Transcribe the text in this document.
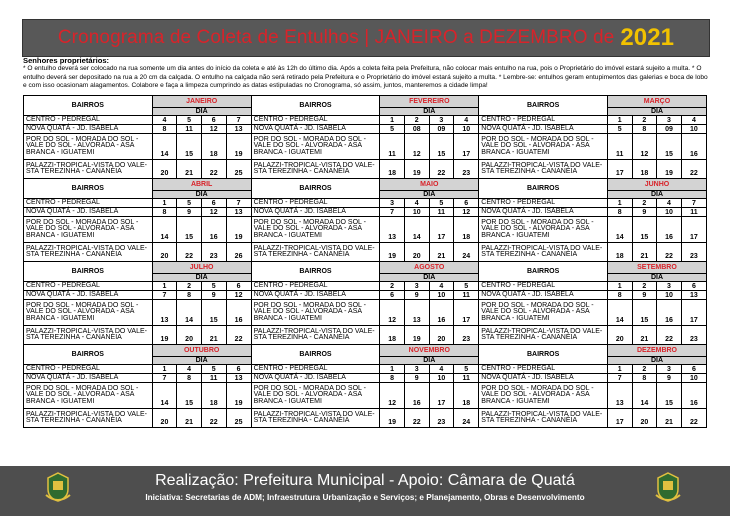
Cronograma de Coleta de Entulhos | JANEIRO a DEZEMBRO de 2021
Senhores proprietários:
* O entulho deverá ser colocado na rua somente um dia antes do início da coleta e até às 12h do último dia. Após a coleta feita pela Prefeitura, não colocar mais entulho na rua, pois o Proprietário do imóvel estará sujeito a multa. * O entulho deverá ser depositado na rua a 20 cm da calçada. O entulho na calçada não será retirado pela Prefeitura e o Proprietário do imóvel estará sujeito a multa. * Lembre-se: entulhos geram entupimentos das galerias e boca de lobo e com isso ocasionam alagamentos. Colabore e faça a limpeza cumprindo as datas estipuladas no Cronograma, só assim, juntos, manteremos a cidade limpa!
BAIRROS	JANEIRO				BAIRROS	FEVEREIRO				BAIRROS	MARÇO			
	DIA					DIA					DIA			
CENTRO - PEDREGAL	4	5	6	7	CENTRO - PEDREGAL	1	2	3	4	CENTRO - PEDREGAL	1	2	3	4
NOVA QUATÁ - JD. ISABELA	8	11	12	13	NOVA QUATÁ - JD. ISABELA	5	08	09	10	NOVA QUATÁ - JD. ISABELA	5	8	09	10
POR DO SOL - MORADA DO SOL - VALE DO SOL - ALVORADA - ASA BRANCA - IGUATEMI	14	15	18	19	POR DO SOL - MORADA DO SOL - VALE DO SOL - ALVORADA - ASA BRANCA - IGUATEMI	11	12	15	17	POR DO SOL - MORADA DO SOL - VALE DO SOL - ALVORADA - ASA BRANCA - IGUATEMI	11	12	15	16
PALAZZI-TROPICAL-VISTA DO VALE- STA TEREZINHA - CANANÉIA	20	21	22	25	PALAZZI-TROPICAL-VISTA DO VALE- STA TEREZINHA - CANANÉIA	18	19	22	23	PALAZZI-TROPICAL-VISTA DO VALE- STA TEREZINHA - CANANÉIA	17	18	19	22
BAIRROS	ABRIL				BAIRROS	MAIO				BAIRROS	JUNHO			
	DIA					DIA					DIA			
CENTRO - PEDREGAL	1	5	6	7	CENTRO - PEDREGAL	3	4	5	6	CENTRO - PEDREGAL	1	2	4	7
NOVA QUATÁ - JD. ISABELA	8	9	12	13	NOVA QUATÁ - JD. ISABELA	7	10	11	12	NOVA QUATÁ - JD. ISABELA	8	9	10	11
POR DO SOL - MORADA DO SOL - VALE DO SOL - ALVORADA - ASA BRANCA - IGUATEMI	14	15	16	19	POR DO SOL - MORADA DO SOL - VALE DO SOL - ALVORADA - ASA BRANCA - IGUATEMI	13	14	17	18	POR DO SOL - MORADA DO SOL - VALE DO SOL - ALVORADA - ASA BRANCA - IGUATEMI	14	15	16	17
PALAZZI-TROPICAL-VISTA DO VALE- STA TEREZINHA - CANANÉIA	20	22	23	26	PALAZZI-TROPICAL-VISTA DO VALE- STA TEREZINHA - CANANÉIA	19	20	21	24	PALAZZI-TROPICAL-VISTA DO VALE- STA TEREZINHA - CANANÉIA	18	21	22	23
BAIRROS	JULHO				BAIRROS	AGOSTO				BAIRROS	SETEMBRO			
	DIA					DIA					DIA			
CENTRO - PEDREGAL	1	2	5	6	CENTRO - PEDREGAL	2	3	4	5	CENTRO - PEDREGAL	1	2	3	6
NOVA QUATÁ - JD. ISABELA	7	8	9	12	NOVA QUATÁ - JD. ISABELA	6	9	10	11	NOVA QUATÁ - JD. ISABELA	8	9	10	13
POR DO SOL - MORADA DO SOL - VALE DO SOL - ALVORADA - ASA BRANCA - IGUATEMI	13	14	15	16	POR DO SOL - MORADA DO SOL - VALE DO SOL - ALVORADA - ASA BRANCA - IGUATEMI	12	13	16	17	POR DO SOL - MORADA DO SOL - VALE DO SOL - ALVORADA - ASA BRANCA - IGUATEMI	14	15	16	17
PALAZZI-TROPICAL-VISTA DO VALE- STA TEREZINHA - CANANÉIA	19	20	21	22	PALAZZI-TROPICAL-VISTA DO VALE- STA TEREZINHA - CANANÉIA	18	19	20	23	PALAZZI-TROPICAL-VISTA DO VALE- STA TEREZINHA - CANANÉIA	20	21	22	23
BAIRROS	OUTUBRO				BAIRROS	NOVEMBRO				BAIRROS	DEZEMBRO			
	DIA					DIA					DIA			
CENTRO - PEDREGAL	1	4	5	6	CENTRO - PEDREGAL	1	3	4	5	CENTRO - PEDREGAL	1	2	3	6
NOVA QUATÁ - JD. ISABELA	7	8	11	13	NOVA QUATÁ - JD. ISABELA	8	9	10	11	NOVA QUATÁ - JD. ISABELA	7	8	9	10
POR DO SOL - MORADA DO SOL - VALE DO SOL - ALVORADA - ASA BRANCA - IGUATEMI	14	15	18	19	POR DO SOL - MORADA DO SOL - VALE DO SOL - ALVORADA - ASA BRANCA - IGUATEMI	12	16	17	18	POR DO SOL - MORADA DO SOL - VALE DO SOL - ALVORADA - ASA BRANCA - IGUATEMI	13	14	15	16
PALAZZI-TROPICAL-VISTA DO VALE- STA TEREZINHA - CANANÉIA	20	21	22	25	PALAZZI-TROPICAL-VISTA DO VALE- STA TEREZINHA - CANANÉIA	19	22	23	24	PALAZZI-TROPICAL-VISTA DO VALE- STA TEREZINHA - CANANÉIA	17	20	21	22
Realização: Prefeitura Municipal - Apoio: Câmara de Quatá
Iniciativa: Secretarias de ADM; Infraestrutura Urbanização e Serviços; e Planejamento, Obras e Desenvolvimento
